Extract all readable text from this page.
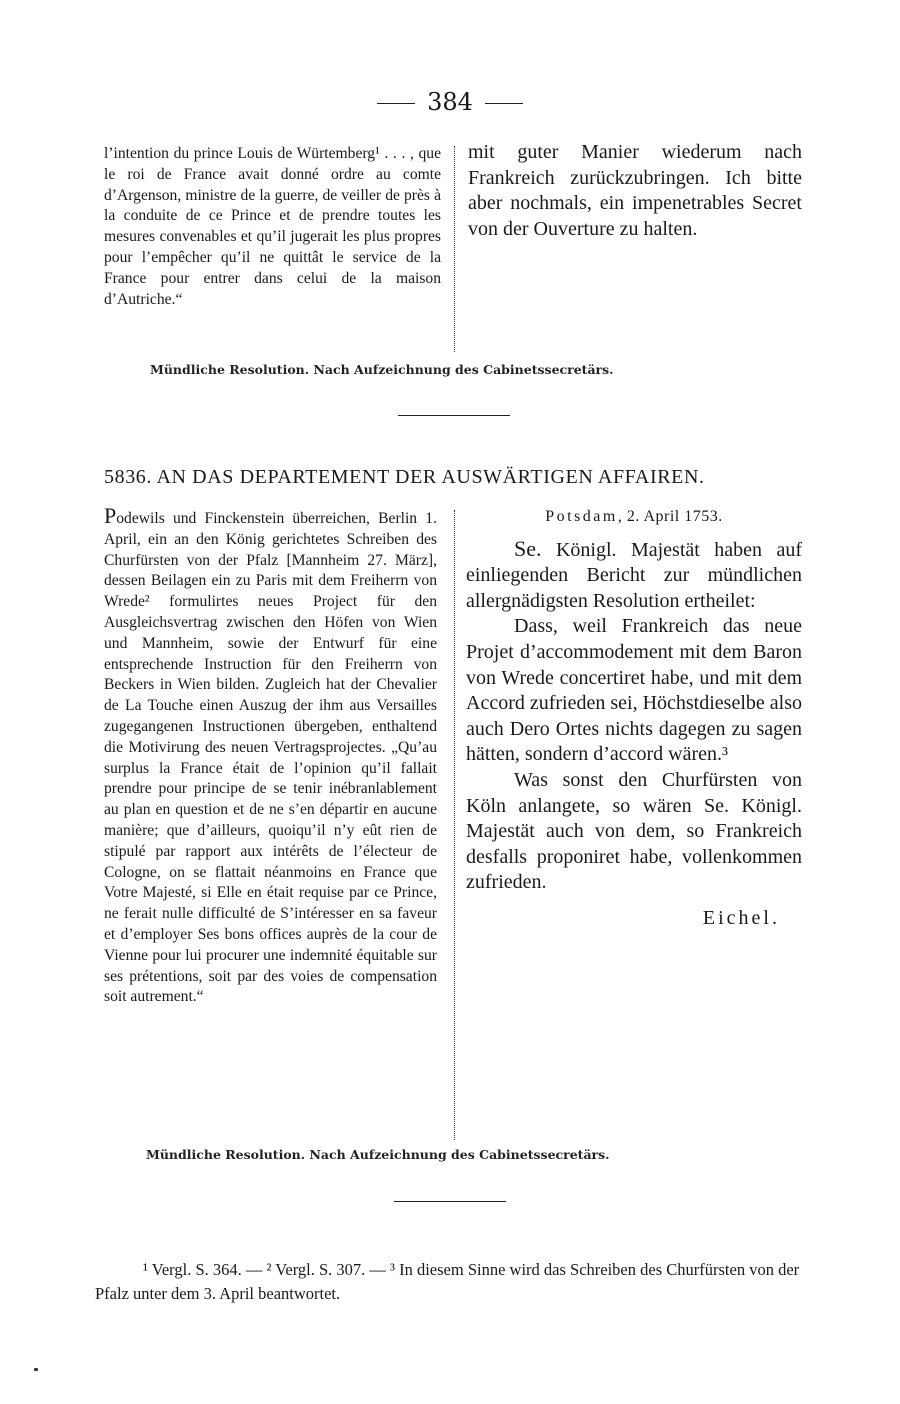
384

l’intention du prince Louis de Würtemberg¹ . . . , que le roi de France avait donné ordre au comte d’Argenson, ministre de la guerre, de veiller de près à la conduite de ce Prince et de prendre toutes les mesures convenables et qu’il jugerait les plus propres pour l’empêcher qu’il ne quittât le service de la France pour entrer dans celui de la maison d’Autriche.“

mit guter Manier wiederum nach Frankreich zurückzubringen. Ich bitte aber nochmals, ein impenetrables Secret von der Ouverture zu halten.

Mündliche Resolution. Nach Aufzeichnung des Cabinetssecretärs.
5836. AN DAS DEPARTEMENT DER AUSWÄRTIGEN AFFAIREN.

Podewils und Finckenstein überreichen, Berlin 1. April, ein an den König gerichtetes Schreiben des Churfürsten von der Pfalz [Mannheim 27. März], dessen Beilagen ein zu Paris mit dem Freiherrn von Wrede² formulirtes neues Project für den Ausgleichsvertrag zwischen den Höfen von Wien und Mannheim, sowie der Entwurf für eine entsprechende Instruction für den Freiherrn von Beckers in Wien bilden. Zugleich hat der Chevalier de La Touche einen Auszug der ihm aus Versailles zugegangenen Instructionen übergeben, enthaltend die Motivirung des neuen Vertragsprojectes. „Qu’au surplus la France était de l’opinion qu’il fallait prendre pour principe de se tenir inébranlablement au plan en question et de ne s’en départir en aucune manière; que d’ailleurs, quoiqu’il n’y eût rien de stipulé par rapport aux intérêts de l’électeur de Cologne, on se flattait néanmoins en France que Votre Majesté, si Elle en était requise par ce Prince, ne ferait nulle difficulté de S’intéresser en sa faveur et d’employer Ses bons offices auprès de la cour de Vienne pour lui procurer une indemnité équitable sur ses prétentions, soit par des voies de compensation soit autrement.“

Potsdam, 2. April 1753.

Se. Königl. Majestät haben auf einliegenden Bericht zur mündlichen allergnädigsten Resolution ertheilet:

Dass, weil Frankreich das neue Projet d’accommodement mit dem Baron von Wrede concertiret habe, und mit dem Accord zufrieden sei, Höchstdieselbe also auch Dero Ortes nichts dagegen zu sagen hätten, sondern d’accord wären.³

Was sonst den Churfürsten von Köln anlangete, so wären Se. Königl. Majestät auch von dem, so Frankreich desfalls proponiret habe, vollenkommen zufrieden.

Eichel.

Mündliche Resolution. Nach Aufzeichnung des Cabinetssecretärs.

¹ Vergl. S. 364. — ² Vergl. S. 307. — ³ In diesem Sinne wird das Schreiben des Churfürsten von der Pfalz unter dem 3. April beantwortet.
